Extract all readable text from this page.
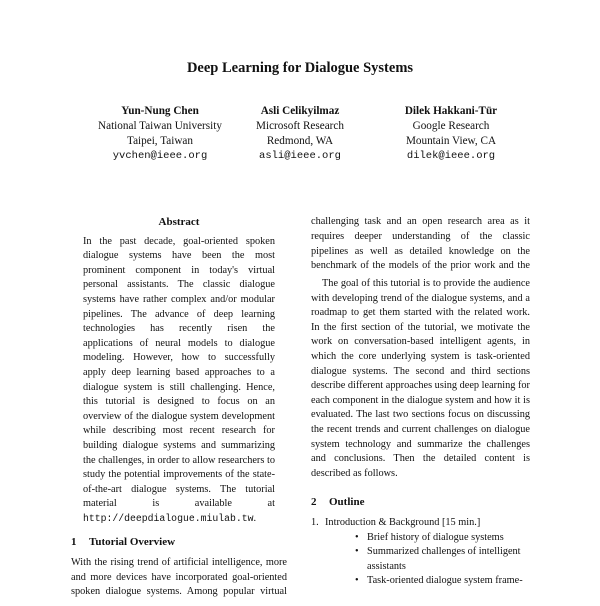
Deep Learning for Dialogue Systems
Yun-Nung Chen
National Taiwan University
Taipei, Taiwan
yvchen@ieee.org
Asli Celikyilmaz
Microsoft Research
Redmond, WA
asli@ieee.org
Dilek Hakkani-Tür
Google Research
Mountain View, CA
dilek@ieee.org
Abstract
In the past decade, goal-oriented spoken dialogue systems have been the most prominent component in today's virtual personal assistants. The classic dialogue systems have rather complex and/or modular pipelines. The advance of deep learning technologies has recently risen the applications of neural models to dialogue modeling. However, how to successfully apply deep learning based approaches to a dialogue system is still challenging. Hence, this tutorial is designed to focus on an overview of the dialogue system development while describing most recent research for building dialogue systems and summarizing the challenges, in order to allow researchers to study the potential improvements of the state-of-the-art dialogue systems. The tutorial material is available at http://deepdialogue.miulab.tw.
1 Tutorial Overview
With the rising trend of artificial intelligence, more and more devices have incorporated goal-oriented spoken dialogue systems. Among popular virtual
challenging task and an open research area as it requires deeper understanding of the classic pipelines as well as detailed knowledge on the benchmark of the models of the prior work and the
The goal of this tutorial is to provide the audience with developing trend of the dialogue systems, and a roadmap to get them started with the related work. In the first section of the tutorial, we motivate the work on conversation-based intelligent agents, in which the core underlying system is task-oriented dialogue systems. The second and third sections describe different approaches using deep learning for each component in the dialogue system and how it is evaluated. The last two sections focus on discussing the recent trends and current challenges on dialogue system technology and summarize the challenges and conclusions. Then the detailed content is described as follows.
2 Outline
1. Introduction & Background [15 min.]
• Brief history of dialogue systems
• Summarized challenges of intelligent assistants
• Task-oriented dialogue system frame-
